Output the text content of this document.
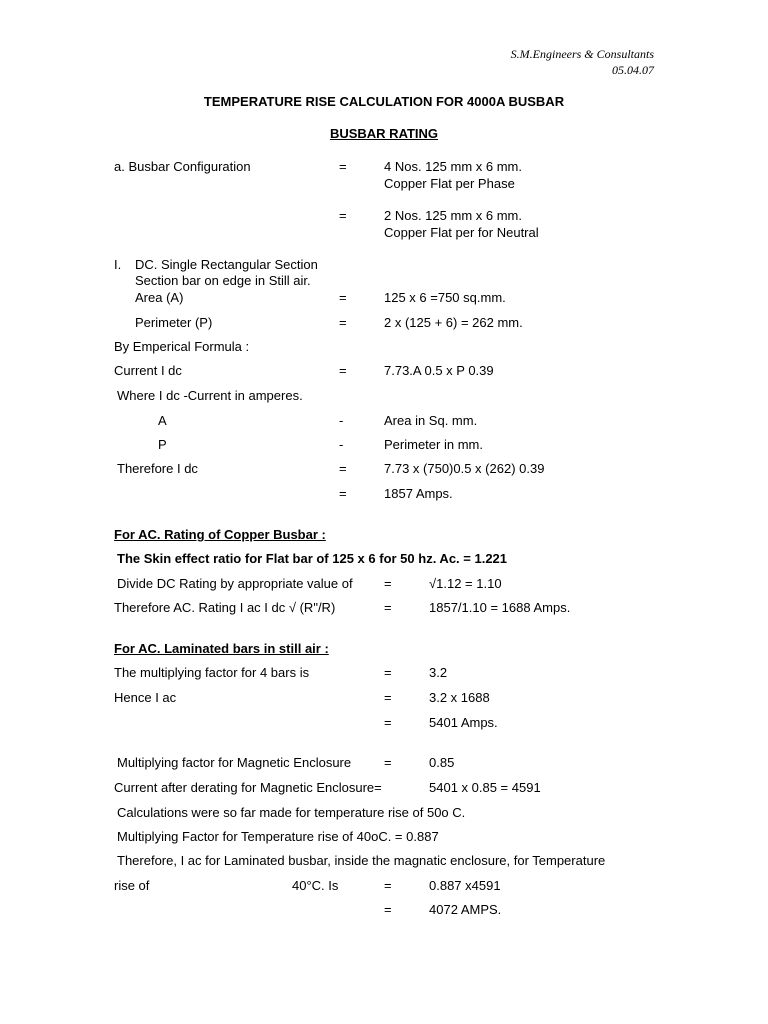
S.M.Engineers & Consultants
05.04.07
TEMPERATURE RISE CALCULATION FOR 4000A BUSBAR
BUSBAR RATING
a. Busbar Configuration	=	4 Nos. 125 mm x 6 mm.
Copper Flat per Phase
=	2 Nos. 125 mm x 6 mm.
Copper Flat per for Neutral
I. DC. Single Rectangular Section
Section bar on edge in Still air.
Area (A)	=	125 x 6 =750 sq.mm.
Perimeter (P)	=	2 x (125 + 6) = 262 mm.
By Emperical Formula :
Current I dc	=	7.73.A 0.5 x P 0.39
Where I dc -Current in amperes.
A	-	Area in Sq. mm.
P	-	Perimeter in mm.
Therefore I dc	=	7.73 x (750)0.5 x (262) 0.39
=	1857 Amps.
For AC. Rating of Copper Busbar :
The Skin effect ratio for Flat bar of 125 x 6 for 50 hz. Ac. = 1.221
Divide DC Rating by appropriate value of =	√1.12 = 1.10
Therefore AC. Rating I ac I dc √ (R"/R)	=	1857/1.10 = 1688 Amps.
For AC. Laminated bars in still air :
The multiplying factor for 4 bars is	=	3.2
Hence I ac	=	3.2 x 1688
=	5401 Amps.
Multiplying factor for Magnetic Enclosure	=	0.85
Current after derating for Magnetic Enclosure=	5401 x 0.85 = 4591
Calculations were so far made for temperature rise of 50o C.
Multiplying Factor for Temperature rise of 40oC. = 0.887
Therefore, I ac for Laminated busbar, inside the magnatic enclosure, for Temperature
rise of	40°C. Is	=	0.887 x4591
=	4072 AMPS.
